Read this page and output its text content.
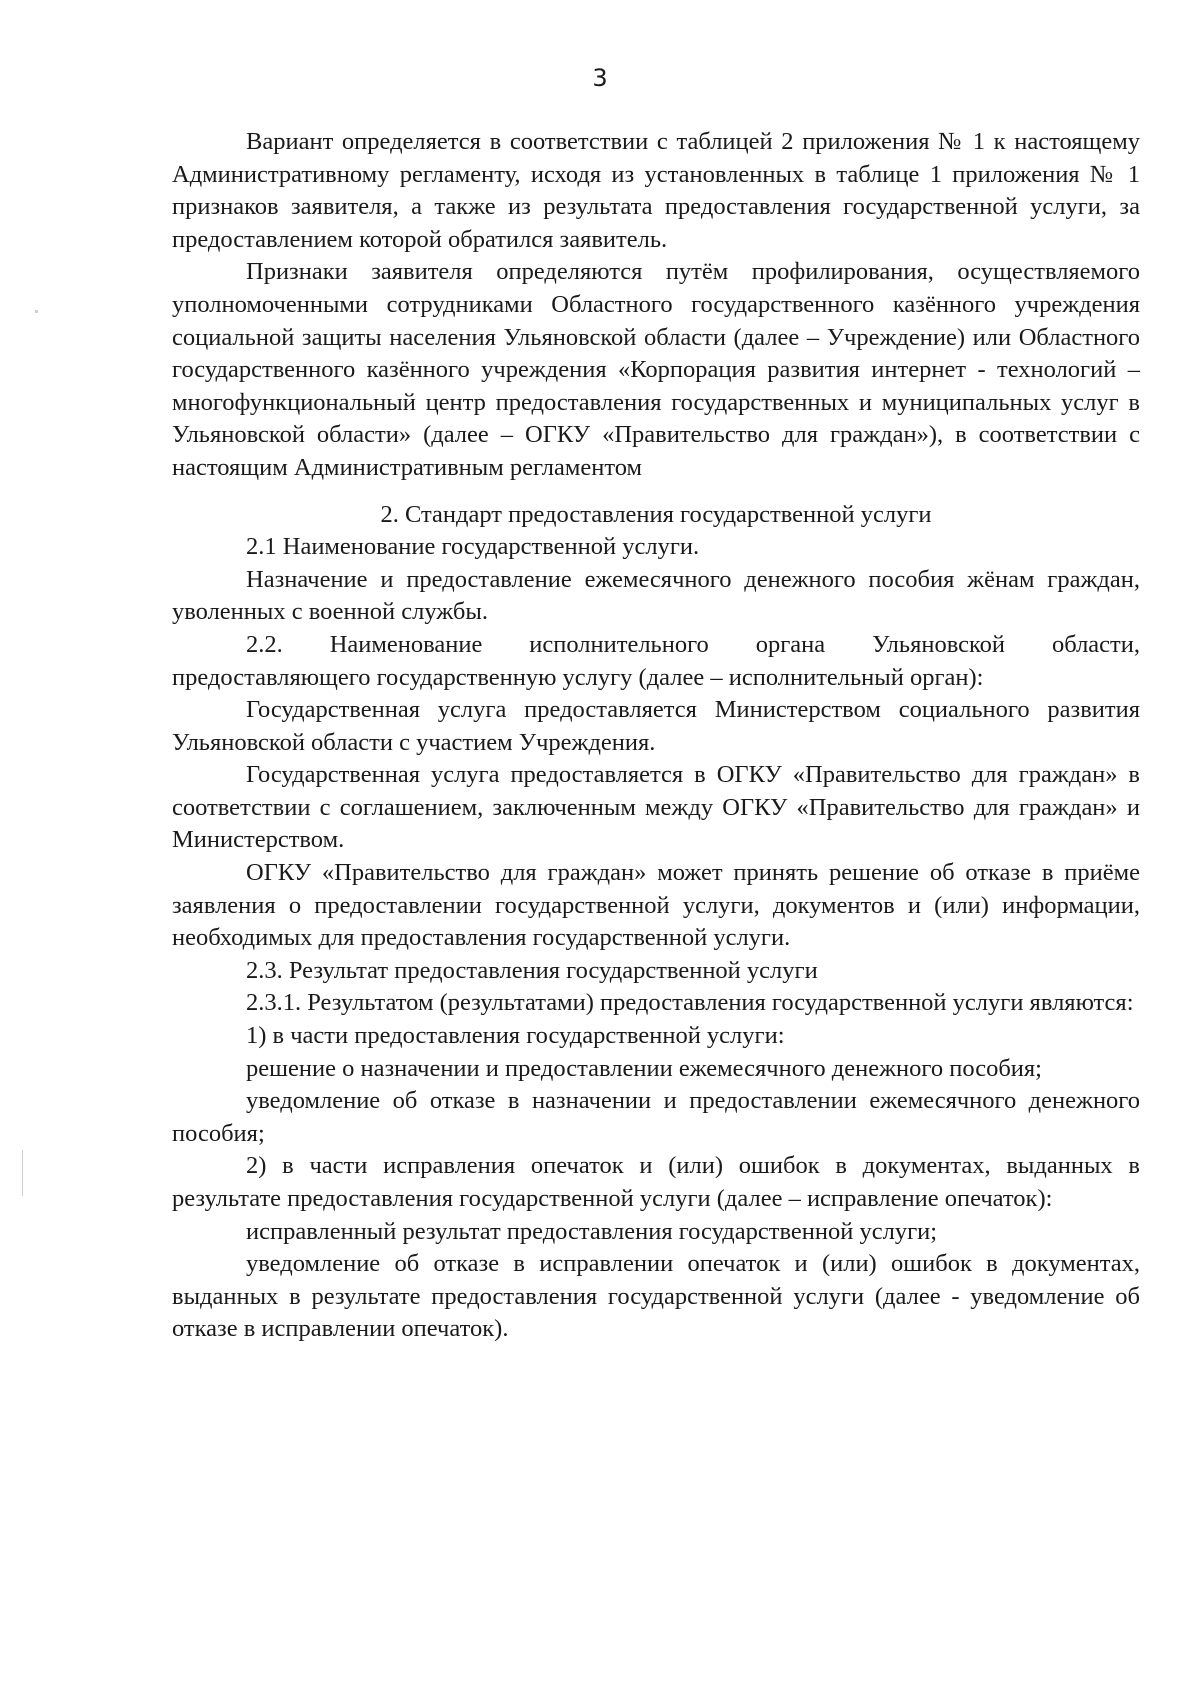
3

Вариант определяется в соответствии с таблицей 2 приложения № 1 к настоящему Административному регламенту, исходя из установленных в таблице 1 приложения № 1 признаков заявителя, а также из результата предоставления государственной услуги, за предоставлением которой обратился заявитель.

Признаки заявителя определяются путём профилирования, осуществляемого уполномоченными сотрудниками Областного государственного казённого учреждения социальной защиты населения Ульяновской области (далее – Учреждение) или Областного государственного казённого учреждения «Корпорация развития интернет - технологий – многофункциональный центр предоставления государственных и муниципальных услуг в Ульяновской области» (далее – ОГКУ «Правительство для граждан»), в соответствии с настоящим Административным регламентом

2. Стандарт предоставления государственной услуги

2.1 Наименование государственной услуги.

Назначение и предоставление ежемесячного денежного пособия жёнам граждан, уволенных с военной службы.

2.2. Наименование исполнительного органа Ульяновской области, предоставляющего государственную услугу (далее – исполнительный орган):

Государственная услуга предоставляется Министерством социального развития Ульяновской области с участием Учреждения.

Государственная услуга предоставляется в ОГКУ «Правительство для граждан» в соответствии с соглашением, заключенным между ОГКУ «Правительство для граждан» и Министерством.

ОГКУ «Правительство для граждан» может принять решение об отказе в приёме заявления о предоставлении государственной услуги, документов и (или) информации, необходимых для предоставления государственной услуги.

2.3. Результат предоставления государственной услуги

2.3.1. Результатом (результатами) предоставления государственной услуги являются:

1) в части предоставления государственной услуги:

решение о назначении и предоставлении ежемесячного денежного пособия;

уведомление об отказе в назначении и предоставлении ежемесячного денежного пособия;

2) в части исправления опечаток и (или) ошибок в документах, выданных в результате предоставления государственной услуги (далее – исправление опечаток):

исправленный результат предоставления государственной услуги;

уведомление об отказе в исправлении опечаток и (или) ошибок в документах, выданных в результате предоставления государственной услуги (далее - уведомление об отказе в исправлении опечаток).
